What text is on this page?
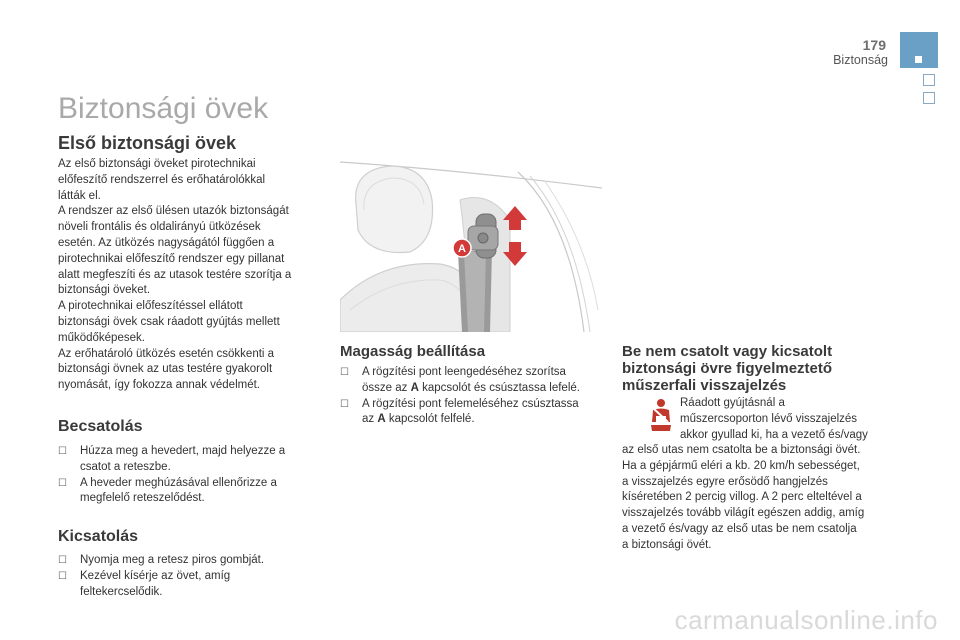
179
Biztonság
Biztonsági övek
Első biztonsági övek

Az első biztonsági öveket pirotechnikai

előfeszítő rendszerrel és erőhatárolókkal

látták el.

A rendszer az első ülésen utazók biztonságát

növeli frontális és oldalirányú ütközések

esetén. Az ütközés nagyságától függően a

pirotechnikai előfeszítő rendszer egy pillanat

alatt megfeszíti és az utasok testére szorítja a

biztonsági öveket.

A pirotechnikai előfeszítéssel ellátott

biztonsági övek csak ráadott gyújtás mellett

működőképesek.

Az erőhatároló ütközés esetén csökkenti a

biztonsági övnek az utas testére gyakorolt

nyomását, így fokozza annak védelmét.

Becsatolás
☐ Húzza meg a hevedert, majd helyezze a
csatot a reteszbe.
☐ A heveder meghúzásával ellenőrizze a
megfelelő reteszelődést.
Kicsatolás
☐ Nyomja meg a retesz piros gombját.
☐ Kezével kísérje az övet, amíg
feltekercselődik.
A
Magasság beállítása
☐ A rögzítési pont leengedéséhez szorítsa
össze az A kapcsolót és csúsztassa lefelé.
☐ A rögzítési pont felemeléséhez csúsztassa
az A kapcsolót felfelé.
Be nem csatolt vagy kicsatolt
biztonsági övre figyelmeztető
műszerfali visszajelzés

Ráadott gyújtásnál a

műszercsoporton lévő visszajelzés

akkor gyullad ki, ha a vezető és/vagy

az első utas nem csatolta be a biztonsági övét.

Ha a gépjármű eléri a kb. 20 km/h sebességet,

a visszajelzés egyre erősödő hangjelzés

kíséretében 2 percig villog. A 2 perc elteltével a

visszajelzés tovább világít egészen addig, amíg

a vezető és/vagy az első utas be nem csatolja

a biztonsági övét.

carmanualsonline.info
